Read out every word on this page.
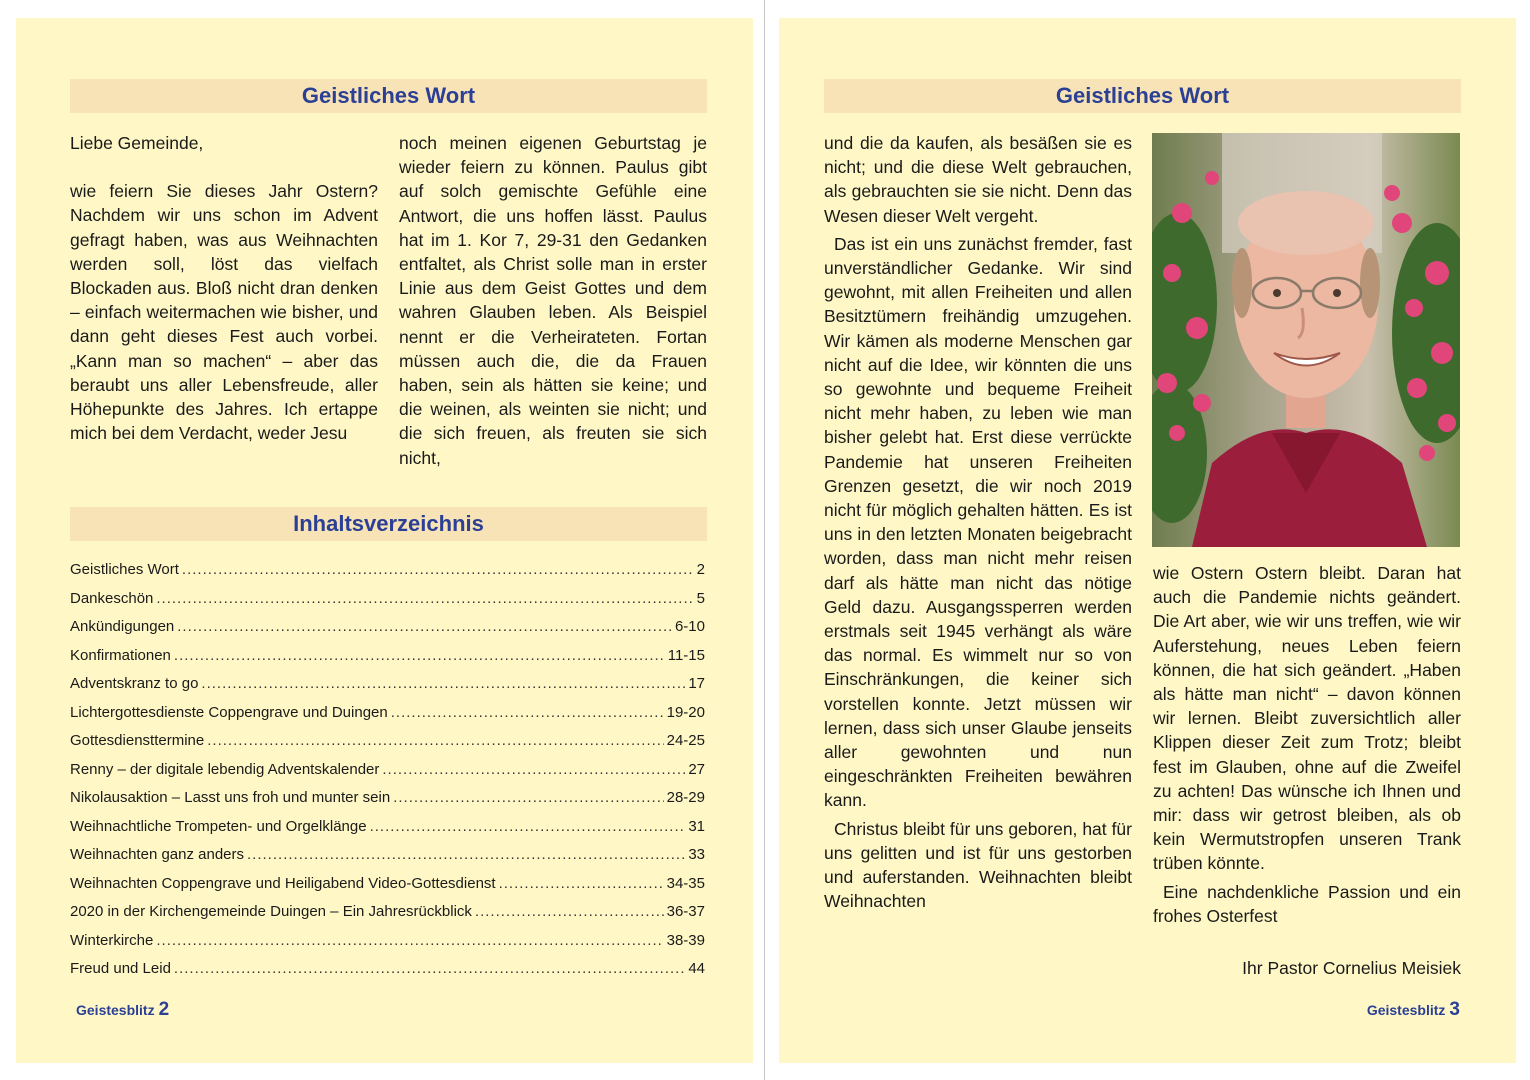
Geistliches Wort

Liebe Gemeinde,

wie feiern Sie dieses Jahr Ostern? Nachdem wir uns schon im Advent gefragt haben, was aus Weihnachten werden soll, löst das vielfach Blockaden aus. Bloß nicht dran denken – einfach weitermachen wie bisher, und dann geht dieses Fest auch vorbei. „Kann man so machen“ – aber das beraubt uns aller Lebensfreude, aller Höhepunkte des Jahres. Ich ertappe mich bei dem Verdacht, weder Jesu

noch meinen eigenen Geburtstag je wieder feiern zu können. Paulus gibt auf solch gemischte Gefühle eine Antwort, die uns hoffen lässt. Paulus hat im 1. Kor 7, 29-31 den Gedanken entfaltet, als Christ solle man in erster Linie aus dem Geist Gottes und dem wahren Glauben leben. Als Beispiel nennt er die Verheirateten. Fortan müssen auch die, die da Frauen haben, sein als hätten sie keine; und die weinen, als weinten sie nicht; und die sich freuen, als freuten sie sich nicht,

Inhaltsverzeichnis
Geistliches Wort .....	2
Dankeschön .....	5
Ankündigungen .....	6-10
Konfirmationen .....	11-15
Adventskranz to go .....	17
Lichtergottesdienste Coppengrave und Duingen .....	19-20
Gottesdiensttermine .....	24-25
Renny – der digitale lebendig Adventskalender .....	27
Nikolausaktion – Lasst uns froh und munter sein .....	28-29
Weihnachtliche Trompeten- und Orgelklänge .....	31
Weihnachten ganz anders .....	33
Weihnachten Coppengrave und Heiligabend Video-Gottesdienst .....	34-35
2020 in der Kirchengemeinde Duingen – Ein Jahresrückblick .....	36-37
Winterkirche .....	38-39
Freud und Leid .....	44
Geistesblitz 2
Geistliches Wort

und die da kaufen, als besäßen sie es nicht; und die diese Welt gebrauchen, als gebrauchten sie sie nicht. Denn das Wesen dieser Welt vergeht.

Das ist ein uns zunächst fremder, fast unverständlicher Gedanke. Wir sind gewohnt, mit allen Freiheiten und allen Besitztümern freihändig umzugehen. Wir kämen als moderne Menschen gar nicht auf die Idee, wir könnten die uns so gewohnte und bequeme Freiheit nicht mehr haben, zu leben wie man bisher gelebt hat. Erst diese verrückte Pandemie hat unseren Freiheiten Grenzen gesetzt, die wir noch 2019 nicht für möglich gehalten hätten. Es ist uns in den letzten Monaten beigebracht worden, dass man nicht mehr reisen darf als hätte man nicht das nötige Geld dazu. Ausgangssperren werden erstmals seit 1945 verhängt als wäre das normal. Es wimmelt nur so von Einschränkungen, die keiner sich vorstellen konnte. Jetzt müssen wir lernen, dass sich unser Glaube jenseits aller gewohnten und nun eingeschränkten Freiheiten bewähren kann.

Christus bleibt für uns geboren, hat für uns gelitten und ist für uns gestorben und auferstanden. Weihnachten bleibt Weihnachten

wie Ostern Ostern bleibt. Daran hat auch die Pandemie nichts geändert. Die Art aber, wie wir uns treffen, wie wir Auferstehung, neues Leben feiern können, die hat sich geändert. „Haben als hätte man nicht“ – davon können wir lernen. Bleibt zuversichtlich aller Klippen dieser Zeit zum Trotz; bleibt fest im Glauben, ohne auf die Zweifel zu achten! Das wünsche ich Ihnen und mir: dass wir getrost bleiben, als ob kein Wermutstropfen unseren Trank trüben könnte.

Eine nachdenkliche Passion und ein frohes Osterfest

Ihr Pastor Cornelius Meisiek
Geistesblitz 3
